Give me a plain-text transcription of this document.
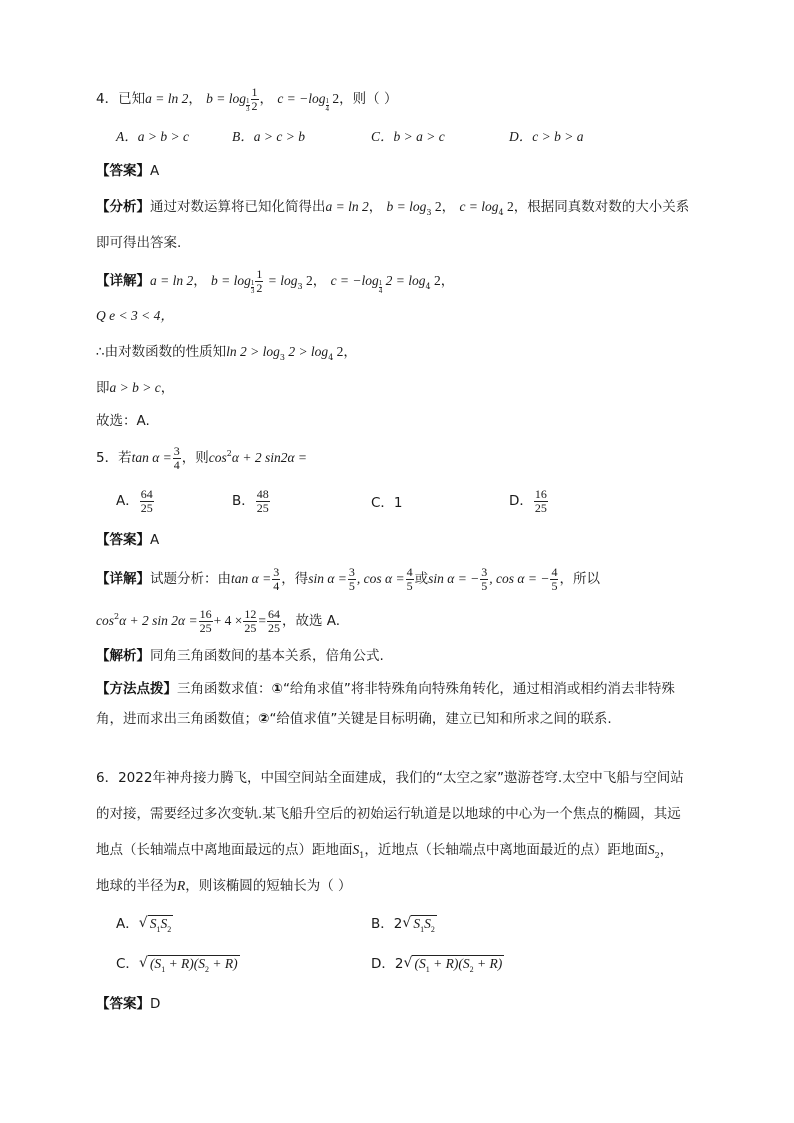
4．已知a = ln 2， $b = \log \frac{1}{3} \frac{1}{2}$ ， $c = -\log \frac{1}{4} 2$，则（ ）
A．a > b > c	B．a > c > b	C．b > a > c	D．c > b > a
【答案】A
【分析】通过对数运算将已知化简得出a = ln 2， $b = \log_3 2$， $c = \log_4 2$，根据同真数对数的大小关系
即可得出答案.
【详解】a = ln 2， $b = \log \frac{1}{3} \frac{1}{2} = \log_3 2$， $c = -\log \frac{1}{4} 2 = \log_4 2$，
Q e < 3 < 4，
∴由对数函数的性质知$\ln 2 > \log_3 2 > \log_4 2$，
即a > b > c，
故选：A.
5．若$\tan \alpha = \frac{3}{4}$ ，则$\cos^2\alpha + 2$ sin2α =
A． $\frac{64}{25}$	B． $\frac{48}{25}$	C．1	D． $\frac{16}{25}$
【答案】A
【详解】试题分析：由$\tan \alpha = \frac{3}{4}$ ，得$\sin \alpha = \frac{3}{5}$ , $\cos \alpha = \frac{4}{5}$ 或sin α = − $\frac{3}{5}$ , cos α = − $\frac{4}{5}$ ，所以
$\cos^2\alpha + 2$ $\sin 2\alpha = \frac{16}{25} + 4 \times \frac{12}{25} = \frac{64}{25}$ ，故选 A.
【解析】同角三角函数间的基本关系，倍角公式.
【方法点拨】三角函数求值：①“给角求值”将非特殊角向特殊角转化，通过相消或相约消去非特殊
角，进而求出三角函数值；②“给值求值”关键是目标明确，建立已知和所求之间的联系.
6．2022年神舟接力腾飞，中国空间站全面建成，我们的“太空之家”遨游苍穹.太空中飞船与空间站
的对接，需要经过多次变轨.某飞船升空后的初始运行轨道是以地球的中心为一个焦点的椭圆，其远
地点（长轴端点中离地面最远的点）距地面$S_1$，近地点（长轴端点中离地面最近的点）距地面$S_2$，
地球的半径为R，则该椭圆的短轴长为（ ）
A． √ $S_1S_2$	B．2 √ $S_1S_2$
C． √ $(S_1 + R)(S_2 + R)$	D．2 √ $(S_1 + R)(S_2 + R)$
【答案】D
